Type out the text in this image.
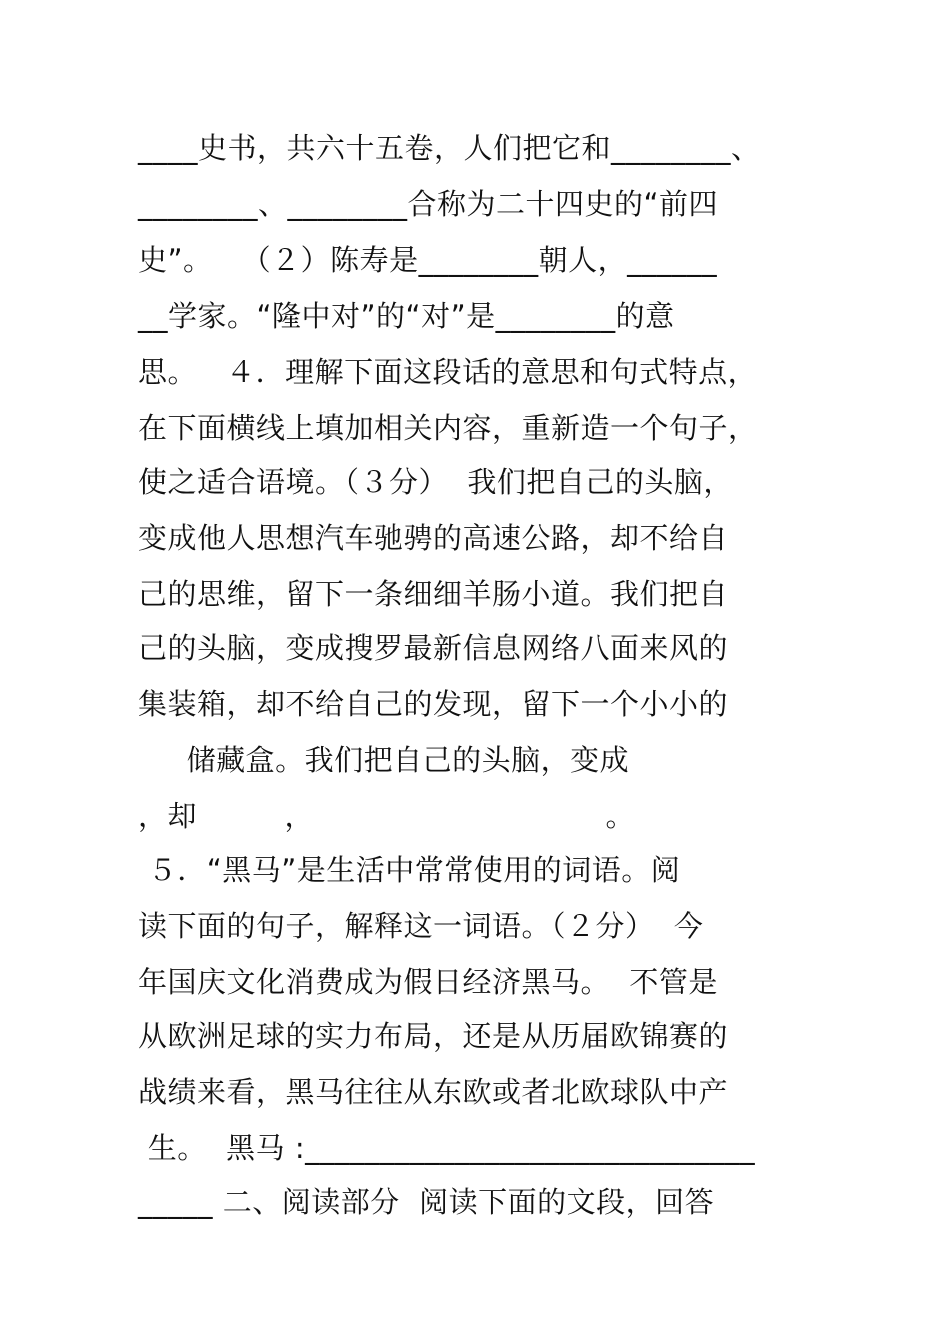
____史书，共六十五卷，人们把它和________、
________、________合称为二十四史的“前四
史”。   （２）陈寿是________朝人，______
__学家。“隆中对”的“对”是________的意
思。   ４．理解下面这段话的意思和句式特点，
在下面横线上填加相关内容，重新造一个句子，
使之适合语境。（３分）  我们把自己的头脑，
变成他人思想汽车驰骋的高速公路，却不给自
己的思维，留下一条细细羊肠小道。我们把自
己的头脑，变成搜罗最新信息网络八面来风的
集装箱，却不给自己的发现，留下一个小小的
储藏盒。我们把自己的头脑，变成
，却         ，                              。
５．“黑马”是生活中常常使用的词语。阅
读下面的句子，解释这一词语。（２分）  今
年国庆文化消费成为假日经济黑马。  不管是
从欧洲足球的实力布局，还是从历届欧锦赛的
战绩来看，黑马往往从东欧或者北欧球队中产
生。  黑马 :______________________________
_____ 二、阅读部分  阅读下面的文段，回答
